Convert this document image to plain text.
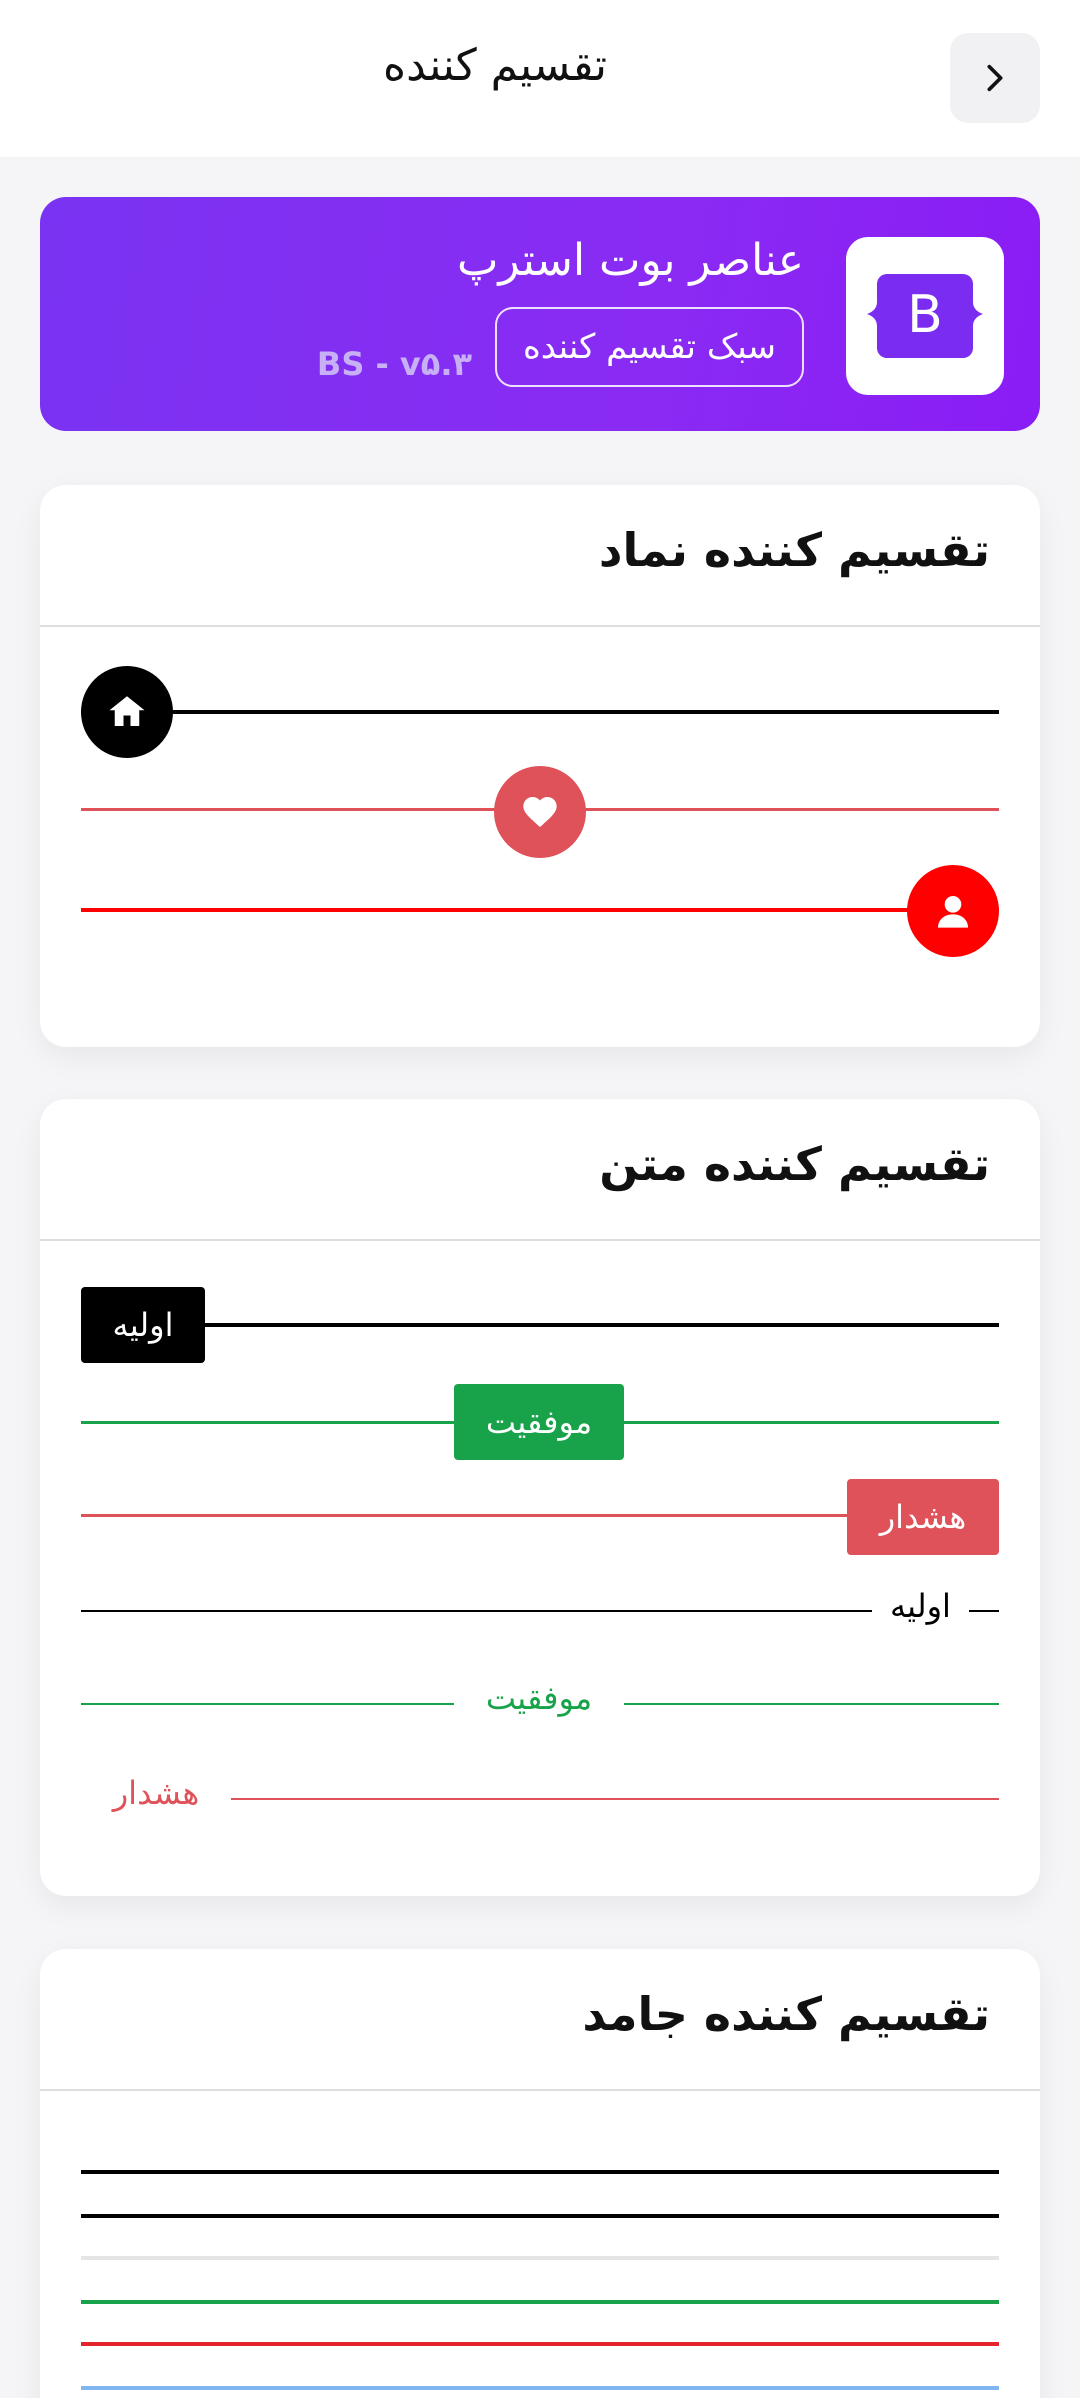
تقسیم کننده
B
عناصر بوت استرپ
سبک تقسیم کننده
BS - v۵.۳
تقسیم کننده نماد
تقسیم کننده متن
اولیه
موفقیت
هشدار
اولیه
موفقیت
هشدار
تقسیم کننده جامد
